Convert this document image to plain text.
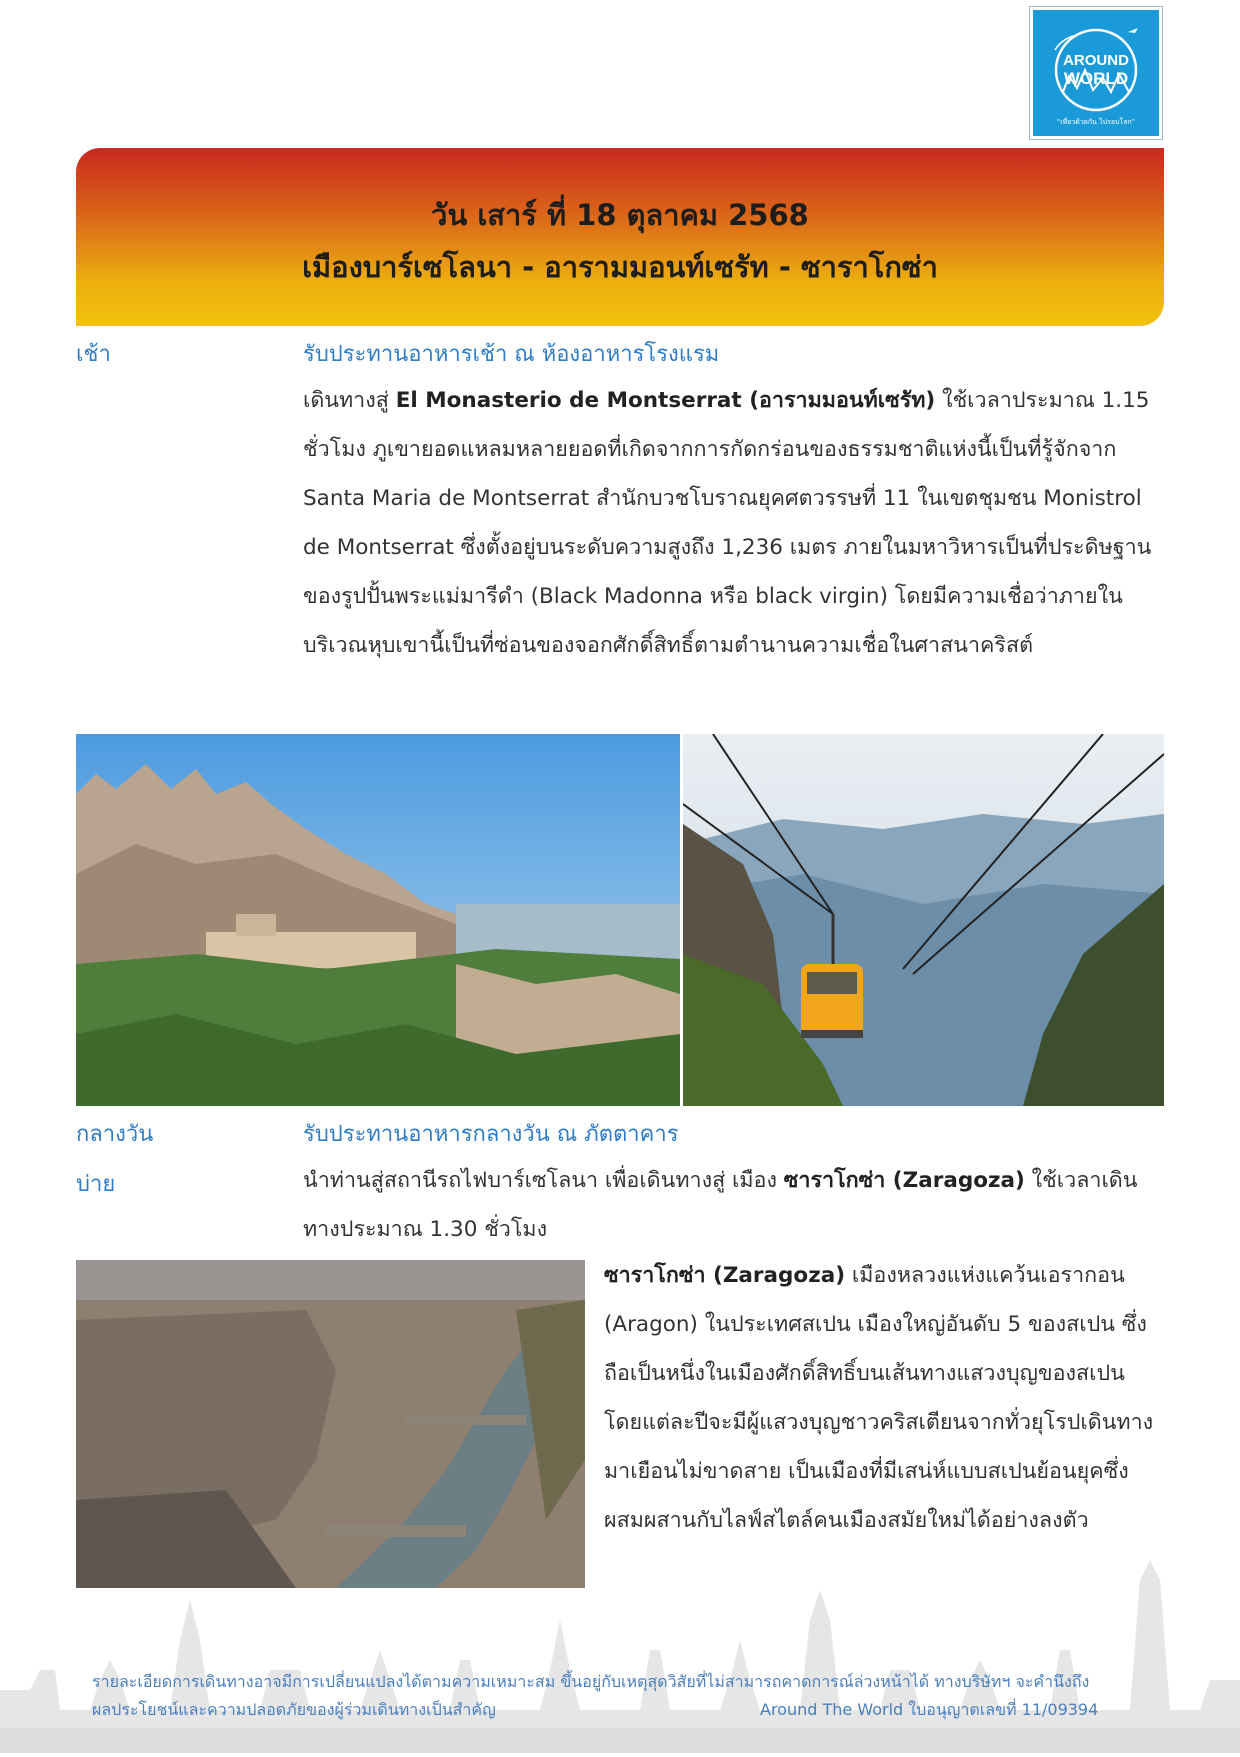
AROUND
WORLD
"เที่ยวด้วยกัน ไปรอบโลก"
วัน เสาร์ ที่ 18 ตุลาคม 2568
เมืองบาร์เซโลนา - อารามมอนท์เซรัท - ซาราโกซ่า
เช้า	รับประทานอาหารเช้า ณ ห้องอาหารโรงแรม

เดินทางสู่ El Monasterio de Montserrat (อารามมอนท์เซรัท) ใช้เวลาประมาณ 1.15 ชั่วโมง ภูเขายอดแหลมหลายยอดที่เกิดจากการกัดกร่อนของธรรมชาติแห่งนี้เป็นที่รู้จักจาก Santa Maria de Montserrat สำนักบวชโบราณยุคศตวรรษที่ 11 ในเขตชุมชน Monistrol de Montserrat ซึ่งตั้งอยู่บนระดับความสูงถึง 1,236 เมตร ภายในมหาวิหารเป็นที่ประดิษฐานของรูปปั้นพระแม่มารีดำ (Black Madonna หรือ black virgin) โดยมีความเชื่อว่าภายในบริเวณหุบเขานี้เป็นที่ซ่อนของจอกศักดิ์สิทธิ์ตามตำนานความเชื่อในศาสนาคริสต์

กลางวัน	รับประทานอาหารกลางวัน ณ ภัตตาคาร
บ่าย	นำท่านสู่สถานีรถไฟบาร์เซโลนา เพื่อเดินทางสู่ เมือง ซาราโกซ่า (Zaragoza) ใช้เวลาเดินทางประมาณ 1.30 ชั่วโมง

ซาราโกซ่า (Zaragoza) เมืองหลวงแห่งแคว้นเอรากอน (Aragon) ในประเทศสเปน เมืองใหญ่อันดับ 5 ของสเปน ซึ่งถือเป็นหนึ่งในเมืองศักดิ์สิทธิ์บนเส้นทางแสวงบุญของสเปน โดยแต่ละปีจะมีผู้แสวงบุญชาวคริสเตียนจากทั่วยุโรปเดินทางมาเยือนไม่ขาดสาย เป็นเมืองที่มีเสน่ห์แบบสเปนย้อนยุคซึ่งผสมผสานกับไลฟ์สไตล์คนเมืองสมัยใหม่ได้อย่างลงตัว

รายละเอียดการเดินทางอาจมีการเปลี่ยนแปลงได้ตามความเหมาะสม ขึ้นอยู่กับเหตุสุดวิสัยที่ไม่สามารถคาดการณ์ล่วงหน้าได้ ทางบริษัทฯ จะคำนึงถึง
ผลประโยชน์และความปลอดภัยของผู้ร่วมเดินทางเป็นสำคัญ	Around The World ใบอนุญาตเลขที่ 11/09394
